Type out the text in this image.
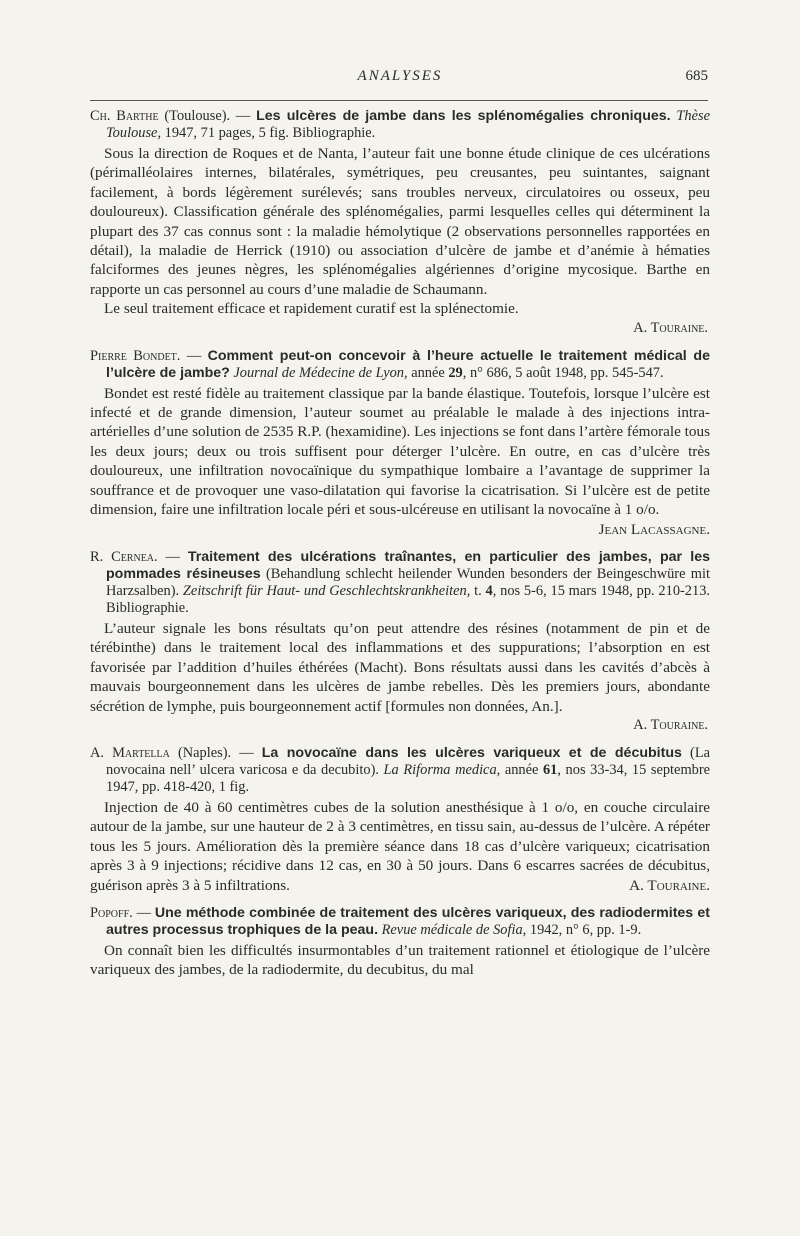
ANALYSES	685
Ch. Barthe (Toulouse). — Les ulcères de jambe dans les splénomégalies chroniques. Thèse Toulouse, 1947, 71 pages, 5 fig. Bibliographie.

Sous la direction de Roques et de Nanta, l’auteur fait une bonne étude clinique de ces ulcérations (périmalléolaires internes, bilatérales, symétriques, peu creusantes, peu suintantes, saignant facilement, à bords légèrement surélevés; sans troubles nerveux, circulatoires ou osseux, peu douloureux). Classification générale des splénomégalies, parmi lesquelles celles qui déterminent la plupart des 37 cas connus sont : la maladie hémolytique (2 observations personnelles rapportées en détail), la maladie de Herrick (1910) ou association d’ulcère de jambe et d’anémie à hématies falciformes des jeunes nègres, les splénomégalies algériennes d’origine mycosique. Barthe en rapporte un cas personnel au cours d’une maladie de Schaumann.

Le seul traitement efficace et rapidement curatif est la splénectomie.

A. Touraine.
Pierre Bondet. — Comment peut-on concevoir à l’heure actuelle le traitement médical de l’ulcère de jambe? Journal de Médecine de Lyon, année 29, n° 686, 5 août 1948, pp. 545-547.

Bondet est resté fidèle au traitement classique par la bande élastique. Toutefois, lorsque l’ulcère est infecté et de grande dimension, l’auteur soumet au préalable le malade à des injections intra-artérielles d’une solution de 2535 R.P. (hexamidine). Les injections se font dans l’artère fémorale tous les deux jours; deux ou trois suffisent pour déterger l’ulcère. En outre, en cas d’ulcère très douloureux, une infiltration novocaïnique du sympathique lombaire a l’avantage de supprimer la souffrance et de provoquer une vaso-dilatation qui favorise la cicatrisation. Si l’ulcère est de petite dimension, faire une infiltration locale péri et sous-ulcéreuse en utilisant la novocaïne à 1 o/o.
Jean Lacassagne.

R. Cernea. — Traitement des ulcérations traînantes, en particulier des jambes, par les pommades résineuses (Behandlung schlecht heilender Wunden besonders der Beingeschwüre mit Harzsalben). Zeitschrift für Haut- und Geschlechtskrankheiten, t. 4, nos 5-6, 15 mars 1948, pp. 210-213. Bibliographie.

L’auteur signale les bons résultats qu’on peut attendre des résines (notamment de pin et de térébinthe) dans le traitement local des inflammations et des suppurations; l’absorption en est favorisée par l’addition d’huiles éthérées (Macht). Bons résultats aussi dans les cavités d’abcès à mauvais bourgeonnement dans les ulcères de jambe rebelles. Dès les premiers jours, abondante sécrétion de lymphe, puis bourgeonnement actif [formules non données, An.].

A. Touraine.
A. Martella (Naples). — La novocaïne dans les ulcères variqueux et de décubitus (La novocaina nell’ ulcera varicosa e da decubito). La Riforma medica, année 61, nos 33-34, 15 septembre 1947, pp. 418-420, 1 fig.

Injection de 40 à 60 centimètres cubes de la solution anesthésique à 1 o/o, en couche circulaire autour de la jambe, sur une hauteur de 2 à 3 centimètres, en tissu sain, au-dessus de l’ulcère. A répéter tous les 5 jours. Amélioration dès la première séance dans 18 cas d’ulcère variqueux; cicatrisation après 3 à 9 injections; récidive dans 12 cas, en 30 à 50 jours. Dans 6 escarres sacrées de décubitus, guérison après 3 à 5 infiltrations.	A. Touraine.

Popoff. — Une méthode combinée de traitement des ulcères variqueux, des radiodermites et autres processus trophiques de la peau. Revue médicale de Sofia, 1942, n° 6, pp. 1-9.

On connaît bien les difficultés insurmontables d’un traitement rationnel et étiologique de l’ulcère variqueux des jambes, de la radiodermite, du decubitus, du mal
